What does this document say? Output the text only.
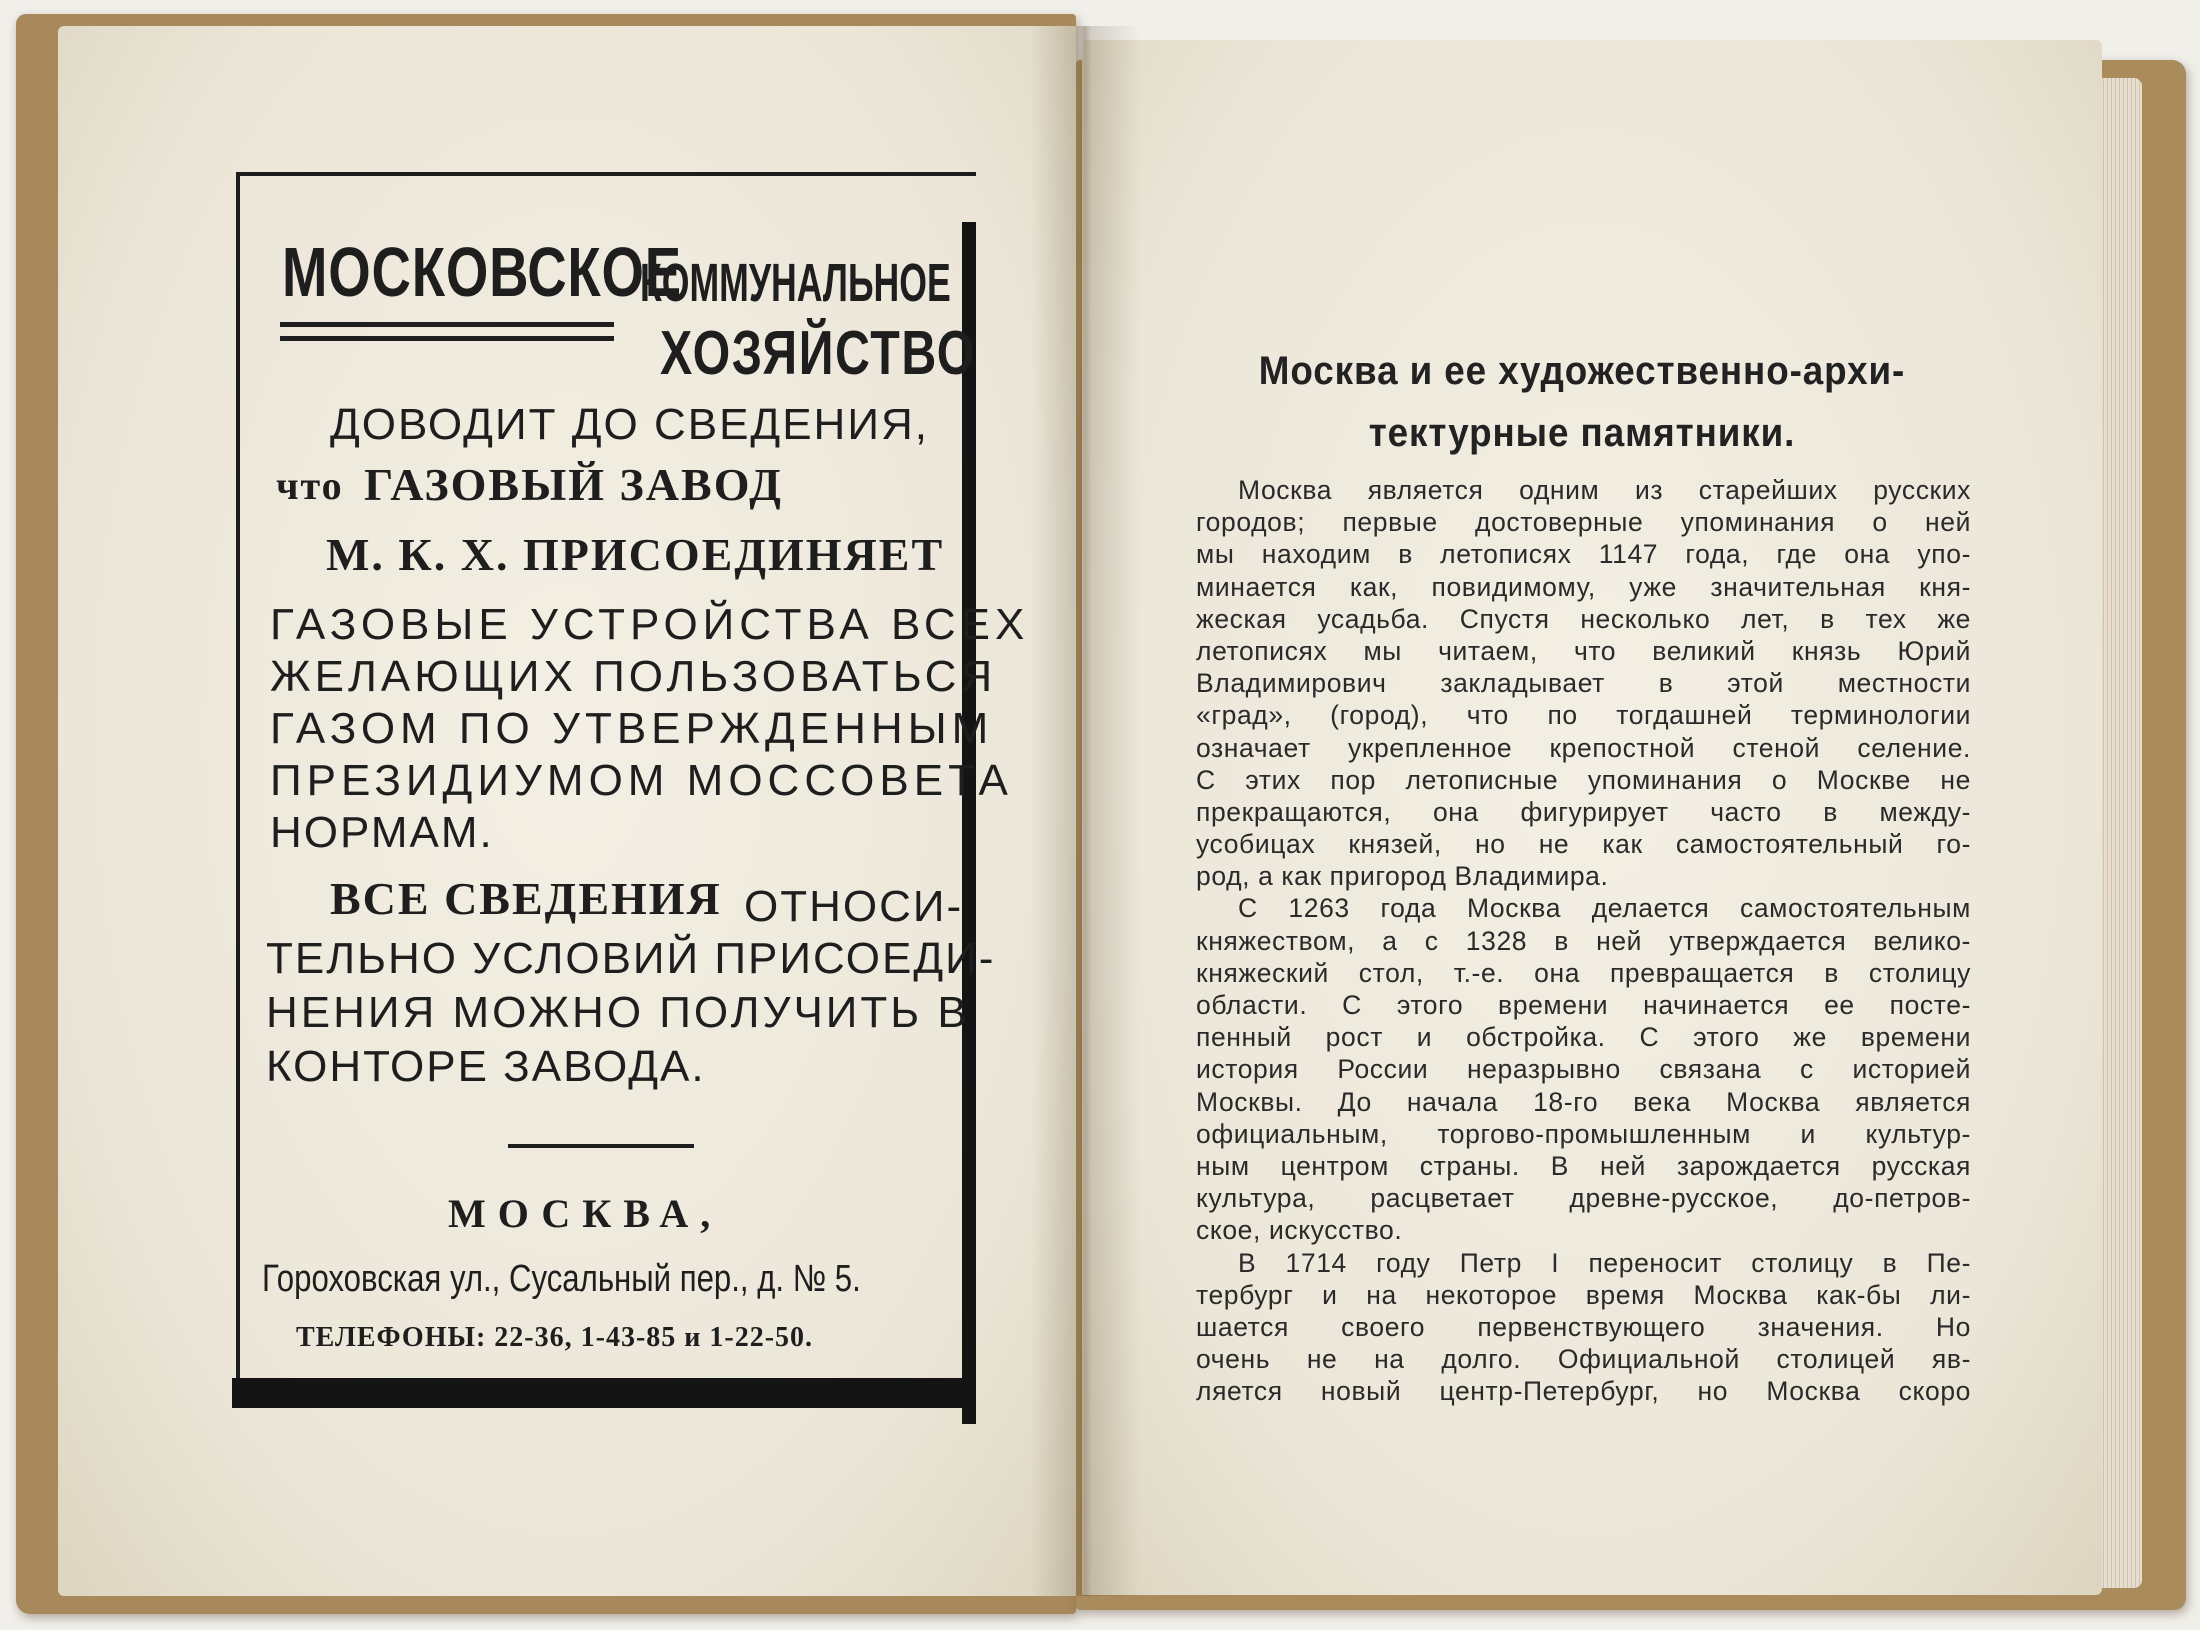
МОСКОВСКОЕ
КОММУНАЛЬНОЕ
ХОЗЯЙСТВО
ДОВОДИТ ДО СВЕДЕНИЯ,
что ГАЗОВЫЙ ЗАВОД
М. К. Х. ПРИСОЕДИНЯЕТ
ГАЗОВЫЕ УСТРОЙСТВА ВСЕХ
ЖЕЛАЮЩИХ ПОЛЬЗОВАТЬСЯ
ГАЗОМ ПО УТВЕРЖДЕННЫМ
ПРЕЗИДИУМОМ МОССОВЕТА
НОРМАМ.
ВСЕ СВЕДЕНИЯ ОТНОСИ-
ТЕЛЬНО УСЛОВИЙ ПРИСОЕДИ-
НЕНИЯ МОЖНО ПОЛУЧИТЬ В
КОНТОРЕ ЗАВОДА.
МОСКВА,
Гороховская ул., Сусальный пер., д. № 5.
ТЕЛЕФОНЫ: 22-36, 1-43-85 и 1-22-50.
Москва и ее художественно-архи-
тектурные памятники.
Москва является одним из старейших русских
городов; первые достоверные упоминания о ней
мы находим в летописях 1147 года, где она упо-
минается как, повидимому, уже значительная кня-
жеская усадьба. Спустя несколько лет, в тех же
летописях мы читаем, что великий князь Юрий
Владимирович закладывает в этой местности
«град», (город), что по тогдашней терминологии
означает укрепленное крепостной стеной селение.
С этих пор летописные упоминания о Москве не
прекращаются, она фигурирует часто в междy-
усобицах князей, но не как самостоятельный го-
род, а как пригород Владимира.
С 1263 года Москва делается самостоятельным
княжеством, а с 1328 в ней утверждается велико-
княжеский стол, т.-е. она превращается в столицу
области. С этого времени начинается ее посте-
пенный рост и обстройка. С этого же времени
история России неразрывно связана с историей
Москвы. До начала 18-го века Москва является
официальным, торгово-промышленным и культур-
ным центром страны. В ней зарождается русская
культура, расцветает древне-русское, до-петров-
ское, искусство.
В 1714 году Петр I переносит столицу в Пе-
тербург и на некоторое время Москва как-бы ли-
шается своего первенствующего значения. Но
очень не на долго. Официальной столицей яв-
ляется новый центр-Петербург, но Москва скоро
